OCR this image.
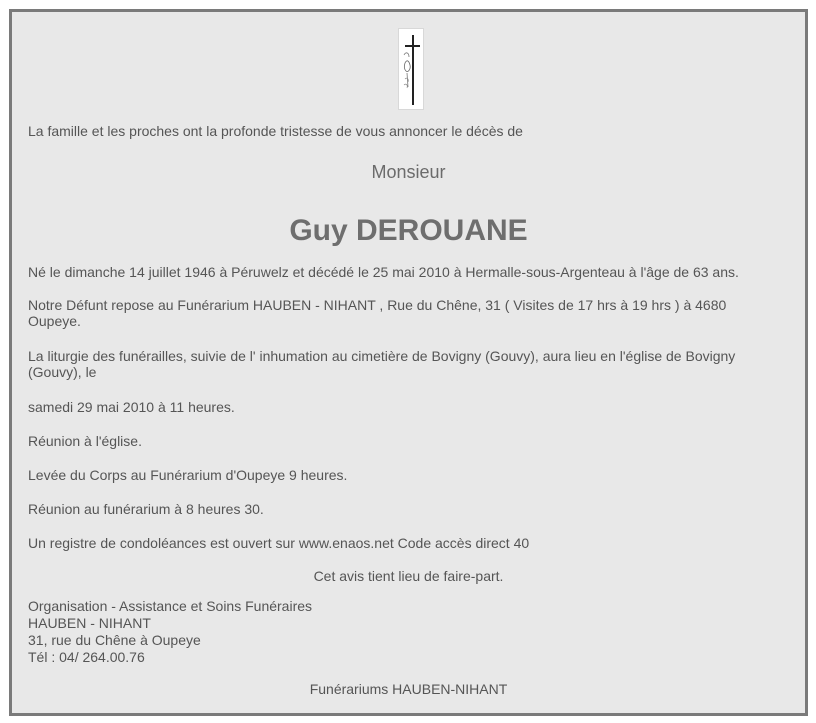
La famille et les proches ont la profonde tristesse de vous annoncer le décès de

Monsieur

Guy DEROUANE

Né le dimanche 14 juillet 1946 à Péruwelz et décédé le 25 mai 2010 à Hermalle-sous-Argenteau à l'âge de 63 ans.

Notre Défunt repose au Funérarium HAUBEN - NIHANT , Rue du Chêne, 31 ( Visites de 17 hrs à 19 hrs ) à 4680 Oupeye.

La liturgie des funérailles, suivie de l' inhumation au cimetière de Bovigny (Gouvy), aura lieu en l'église de Bovigny (Gouvy), le

samedi 29 mai 2010 à 11 heures.

Réunion à l'église.

Levée du Corps au Funérarium d'Oupeye 9 heures.

Réunion au funérarium à 8 heures 30.

Un registre de condoléances est ouvert sur www.enaos.net Code accès direct 40

Cet avis tient lieu de faire-part.

Organisation - Assistance et Soins Funéraires

HAUBEN - NIHANT

31, rue du Chêne à Oupeye

Tél : 04/ 264.00.76

Funérariums HAUBEN-NIHANT
